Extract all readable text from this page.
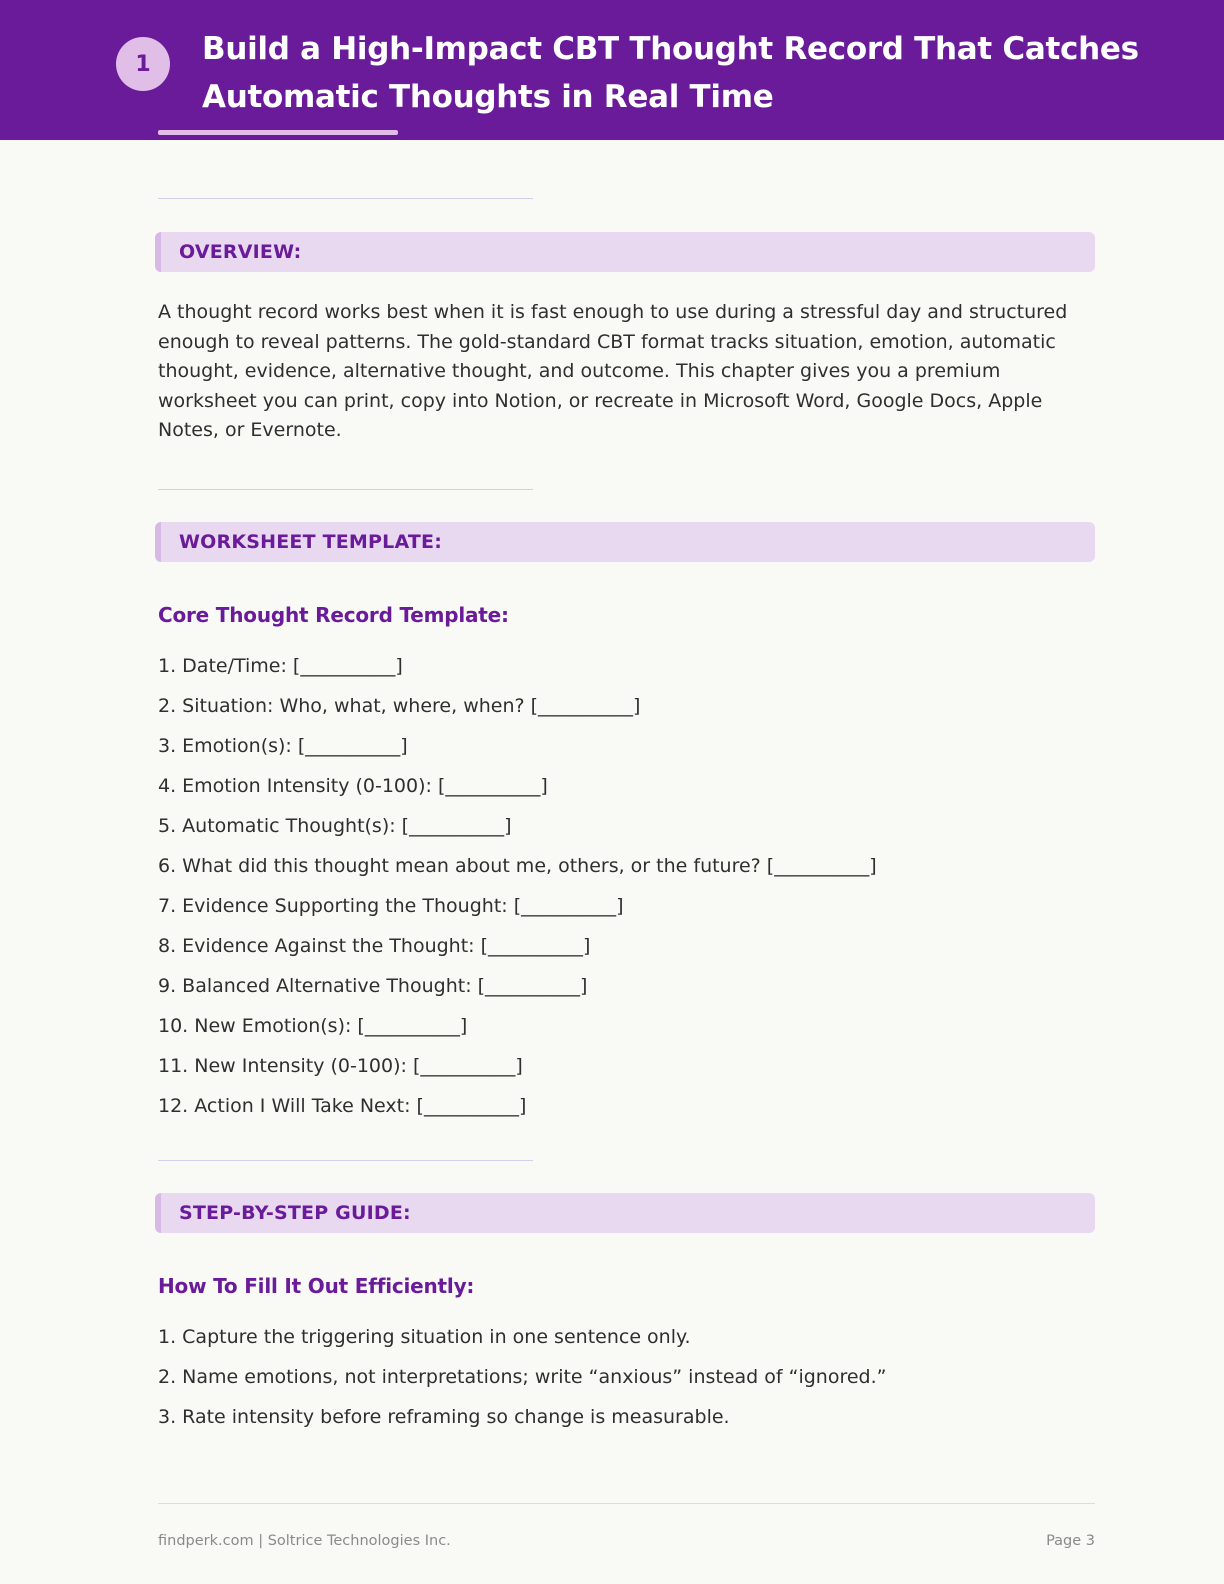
1	Build a High-Impact CBT Thought Record That Catches Automatic Thoughts in Real Time
OVERVIEW:

A thought record works best when it is fast enough to use during a stressful day and structured enough to reveal patterns. The gold-standard CBT format tracks situation, emotion, automatic thought, evidence, alternative thought, and outcome. This chapter gives you a premium worksheet you can print, copy into Notion, or recreate in Microsoft Word, Google Docs, Apple Notes, or Evernote.

WORKSHEET TEMPLATE:
Core Thought Record Template:
1. Date/Time: [__________]
2. Situation: Who, what, where, when? [__________]
3. Emotion(s): [__________]
4. Emotion Intensity (0-100): [__________]
5. Automatic Thought(s): [__________]
6. What did this thought mean about me, others, or the future? [__________]
7. Evidence Supporting the Thought: [__________]
8. Evidence Against the Thought: [__________]
9. Balanced Alternative Thought: [__________]
10. New Emotion(s): [__________]
11. New Intensity (0-100): [__________]
12. Action I Will Take Next: [__________]
STEP-BY-STEP GUIDE:
How To Fill It Out Efficiently:
1. Capture the triggering situation in one sentence only.
2. Name emotions, not interpretations; write “anxious” instead of “ignored.”
3. Rate intensity before reframing so change is measurable.
findperk.com | Soltrice Technologies Inc.	Page 3
